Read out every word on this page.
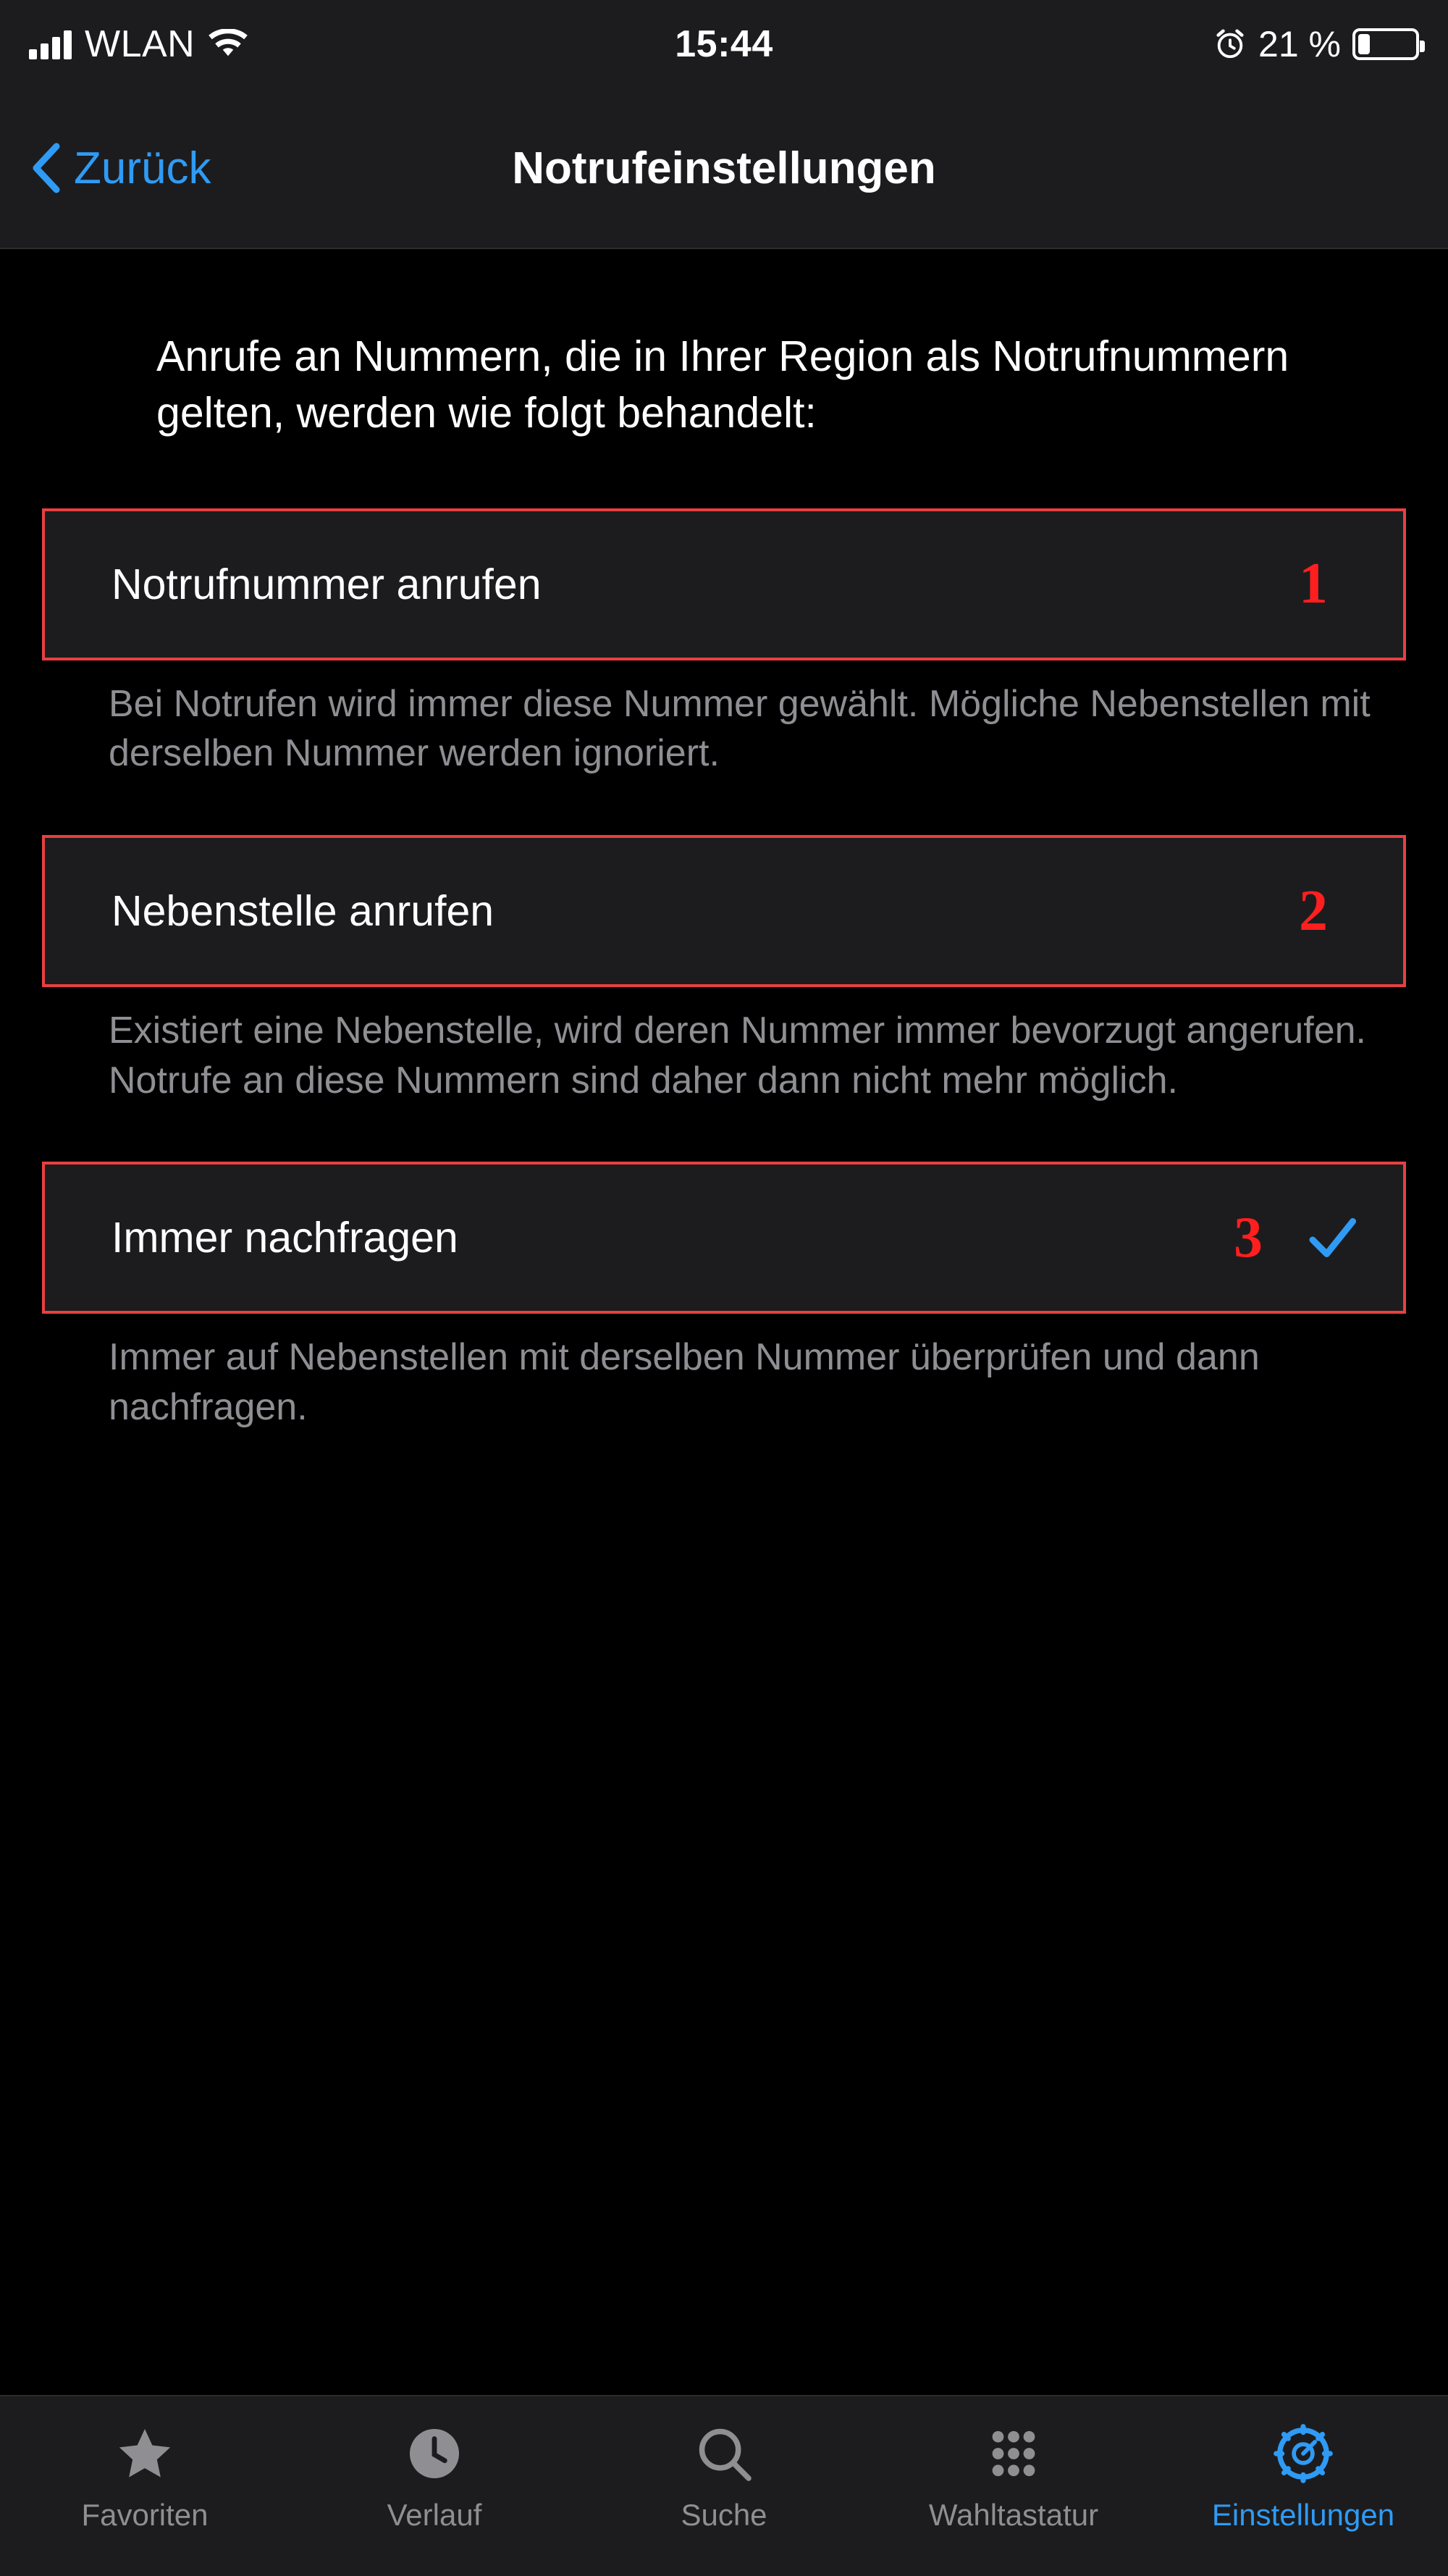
WLAN	15:44	21 %
Zurück	Notrufeinstellungen
Anrufe an Nummern, die in Ihrer Region als Notrufnummern gelten, werden wie folgt behandelt:
Notrufnummer anrufen	1
Bei Notrufen wird immer diese Nummer gewählt. Mögliche Nebenstellen mit derselben Nummer werden ignoriert.
Nebenstelle anrufen	2
Existiert eine Nebenstelle, wird deren Nummer immer bevorzugt angerufen. Notrufe an diese Nummern sind daher dann nicht mehr möglich.
Immer nachfragen	3
Immer auf Nebenstellen mit derselben Nummer überprüfen und dann nachfragen.
Favoriten	Verlauf	Suche	Wahltastatur	Einstellungen
